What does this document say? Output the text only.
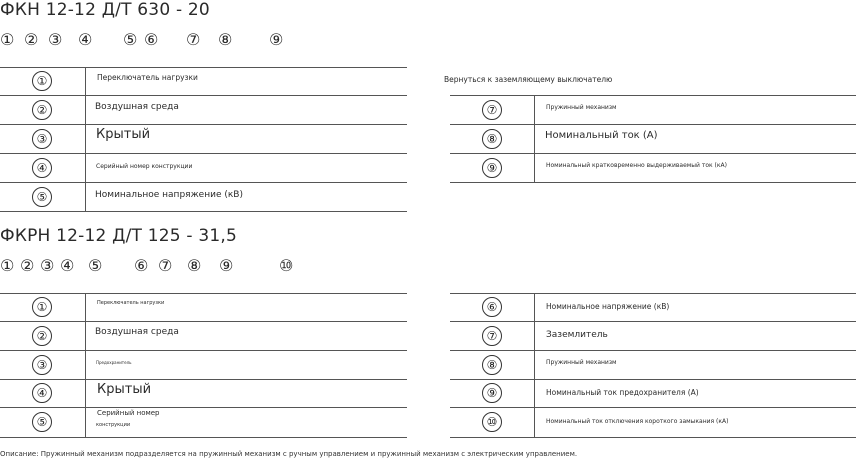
ФКН 12-12 Д/Т 630 - 20
① ② ③ ④ ⑤ ⑥ ⑦ ⑧ ⑨
①
②
③
④
⑤
Переключатель нагрузки
Воздушная среда
Крытый
Серийный номер конструкции
Номинальное напряжение (кВ)
Вернуться к заземляющему выключателю
⑦
⑧
⑨
Пружинный механизм
Номинальный ток (А)
Номинальный кратковременно выдерживаемый ток (кА)
ФКРН 12-12 Д/Т 125 - 31,5
① ② ③ ④ ⑤ ⑥ ⑦ ⑧ ⑨	⑩
①
②
③
④
⑤
Переключатель нагрузки
Воздушная среда
Предохранитель
Крытый
Серийный номер
конструкции
⑥
⑦
⑧
⑨
⑩
Номинальное напряжение (кВ)
Заземлитель
Пружинный механизм
Номинальный ток предохранителя (А)
Номинальный ток отключения короткого замыкания (кА)
Описание: Пружинный механизм подразделяется на пружинный механизм с ручным управлением и пружинный механизм с электрическим управлением.
